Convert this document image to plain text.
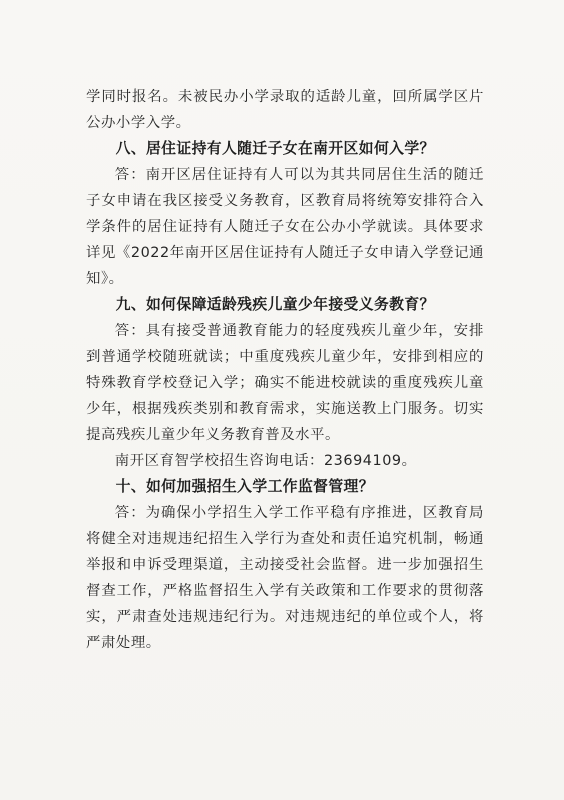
学同时报名。未被民办小学录取的适龄儿童，回所属学区片公办小学入学。

八、居住证持有人随迁子女在南开区如何入学？

答：南开区居住证持有人可以为其共同居住生活的随迁子女申请在我区接受义务教育，区教育局将统筹安排符合入学条件的居住证持有人随迁子女在公办小学就读。具体要求详见《2022年南开区居住证持有人随迁子女申请入学登记通知》。

九、如何保障适龄残疾儿童少年接受义务教育？

答：具有接受普通教育能力的轻度残疾儿童少年，安排到普通学校随班就读；中重度残疾儿童少年，安排到相应的特殊教育学校登记入学；确实不能进校就读的重度残疾儿童少年，根据残疾类别和教育需求，实施送教上门服务。切实提高残疾儿童少年义务教育普及水平。

南开区育智学校招生咨询电话：23694109。

十、如何加强招生入学工作监督管理？

答：为确保小学招生入学工作平稳有序推进，区教育局将健全对违规违纪招生入学行为查处和责任追究机制，畅通举报和申诉受理渠道，主动接受社会监督。进一步加强招生督查工作，严格监督招生入学有关政策和工作要求的贯彻落实，严肃查处违规违纪行为。对违规违纪的单位或个人，将严肃处理。
